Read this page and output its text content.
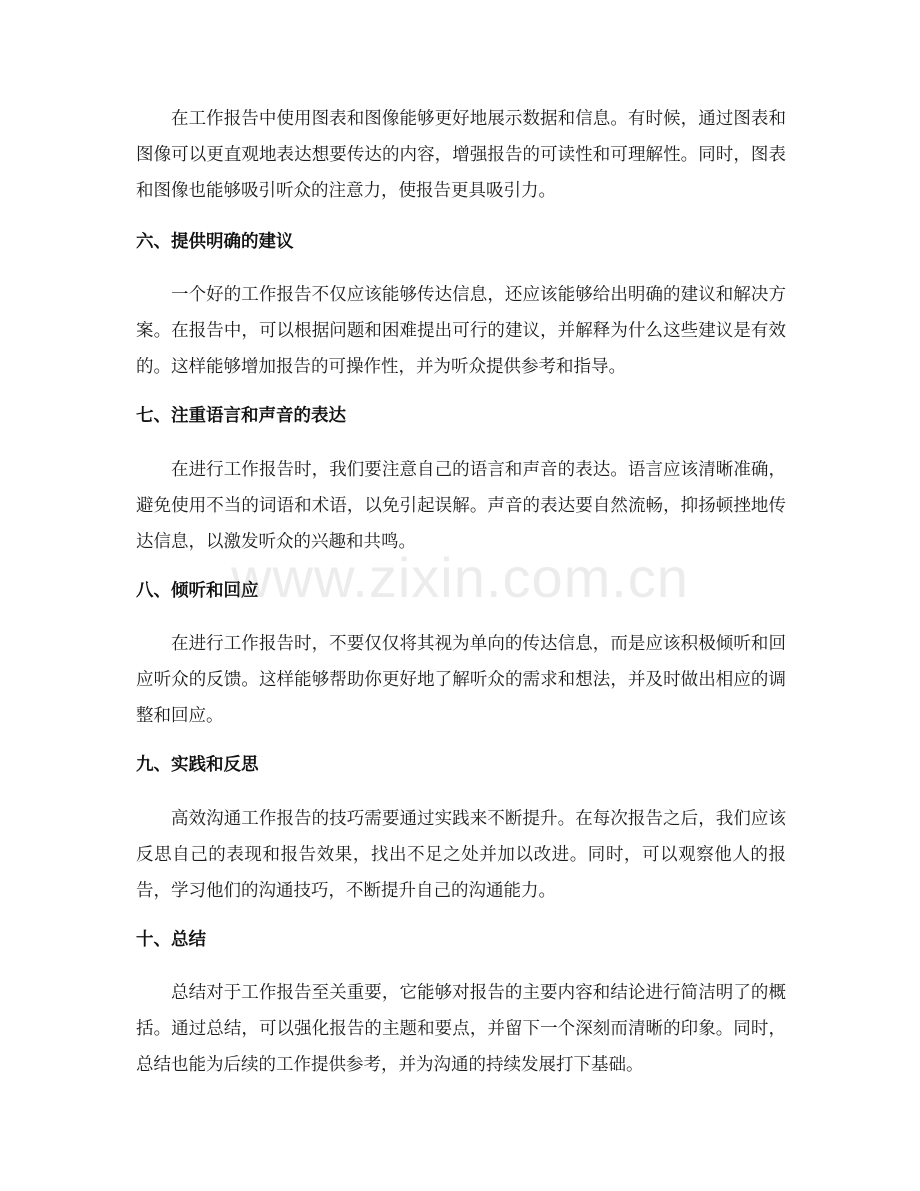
在工作报告中使用图表和图像能够更好地展示数据和信息。有时候，通过图表和图像可以更直观地表达想要传达的内容，增强报告的可读性和可理解性。同时，图表和图像也能够吸引听众的注意力，使报告更具吸引力。

六、提供明确的建议

一个好的工作报告不仅应该能够传达信息，还应该能够给出明确的建议和解决方案。在报告中，可以根据问题和困难提出可行的建议，并解释为什么这些建议是有效的。这样能够增加报告的可操作性，并为听众提供参考和指导。

七、注重语言和声音的表达

在进行工作报告时，我们要注意自己的语言和声音的表达。语言应该清晰准确，避免使用不当的词语和术语，以免引起误解。声音的表达要自然流畅，抑扬顿挫地传达信息，以激发听众的兴趣和共鸣。

八、倾听和回应

在进行工作报告时，不要仅仅将其视为单向的传达信息，而是应该积极倾听和回应听众的反馈。这样能够帮助你更好地了解听众的需求和想法，并及时做出相应的调整和回应。

九、实践和反思

高效沟通工作报告的技巧需要通过实践来不断提升。在每次报告之后，我们应该反思自己的表现和报告效果，找出不足之处并加以改进。同时，可以观察他人的报告，学习他们的沟通技巧，不断提升自己的沟通能力。

十、总结

总结对于工作报告至关重要，它能够对报告的主要内容和结论进行简洁明了的概括。通过总结，可以强化报告的主题和要点，并留下一个深刻而清晰的印象。同时，总结也能为后续的工作提供参考，并为沟通的持续发展打下基础。

www.zixin.com.cn
